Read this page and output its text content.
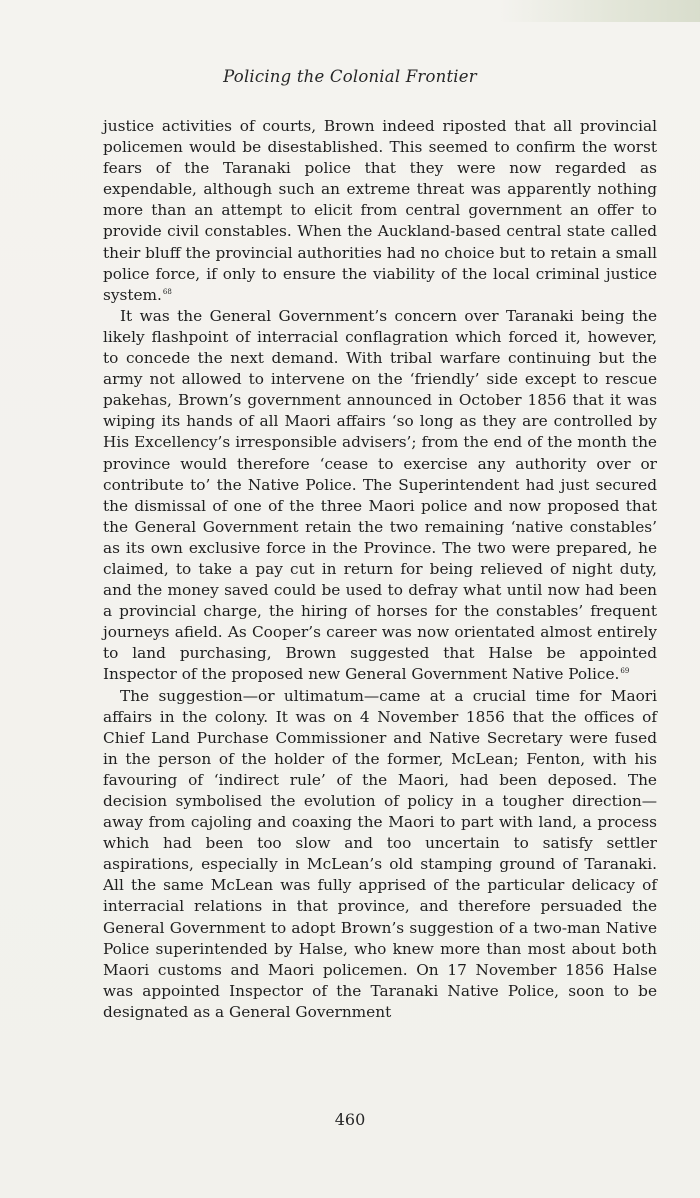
Policing the Colonial Frontier

justice activities of courts, Brown indeed riposted that all provincial policemen would be disestablished. This seemed to confirm the worst fears of the Taranaki police that they were now regarded as expendable, although such an extreme threat was apparently nothing more than an attempt to elicit from central government an offer to provide civil constables. When the Auckland-based central state called their bluff the provincial authorities had no choice but to retain a small police force, if only to ensure the viability of the local criminal justice system.$^{68}$

It was the General Government’s concern over Taranaki being the likely flashpoint of interracial conflagration which forced it, however, to concede the next demand. With tribal warfare continuing but the army not allowed to intervene on the ‘friendly’ side except to rescue pakehas, Brown’s government announced in October 1856 that it was wiping its hands of all Maori affairs ‘so long as they are controlled by His Excellency’s irresponsible advisers’; from the end of the month the province would therefore ‘cease to exercise any authority over or contribute to’ the Native Police. The Superintendent had just secured the dismissal of one of the three Maori police and now proposed that the General Government retain the two remaining ‘native constables’ as its own exclusive force in the Province. The two were prepared, he claimed, to take a pay cut in return for being relieved of night duty, and the money saved could be used to defray what until now had been a provincial charge, the hiring of horses for the constables’ frequent journeys afield. As Cooper’s career was now orientated almost entirely to land purchasing, Brown suggested that Halse be appointed Inspector of the proposed new General Government Native Police.$^{69}$

The suggestion—or ultimatum—came at a crucial time for Maori affairs in the colony. It was on 4 November 1856 that the offices of Chief Land Purchase Commissioner and Native Secretary were fused in the person of the holder of the former, McLean; Fenton, with his favouring of ‘indirect rule’ of the Maori, had been deposed. The decision symbolised the evolution of policy in a tougher direction—away from cajoling and coaxing the Maori to part with land, a process which had been too slow and too uncertain to satisfy settler aspirations, especially in McLean’s old stamping ground of Taranaki. All the same McLean was fully apprised of the particular delicacy of interracial relations in that province, and therefore persuaded the General Government to adopt Brown’s suggestion of a two-man Native Police superintended by Halse, who knew more than most about both Maori customs and Maori policemen. On 17 November 1856 Halse was appointed Inspector of the Taranaki Native Police, soon to be designated as a General Government

460
